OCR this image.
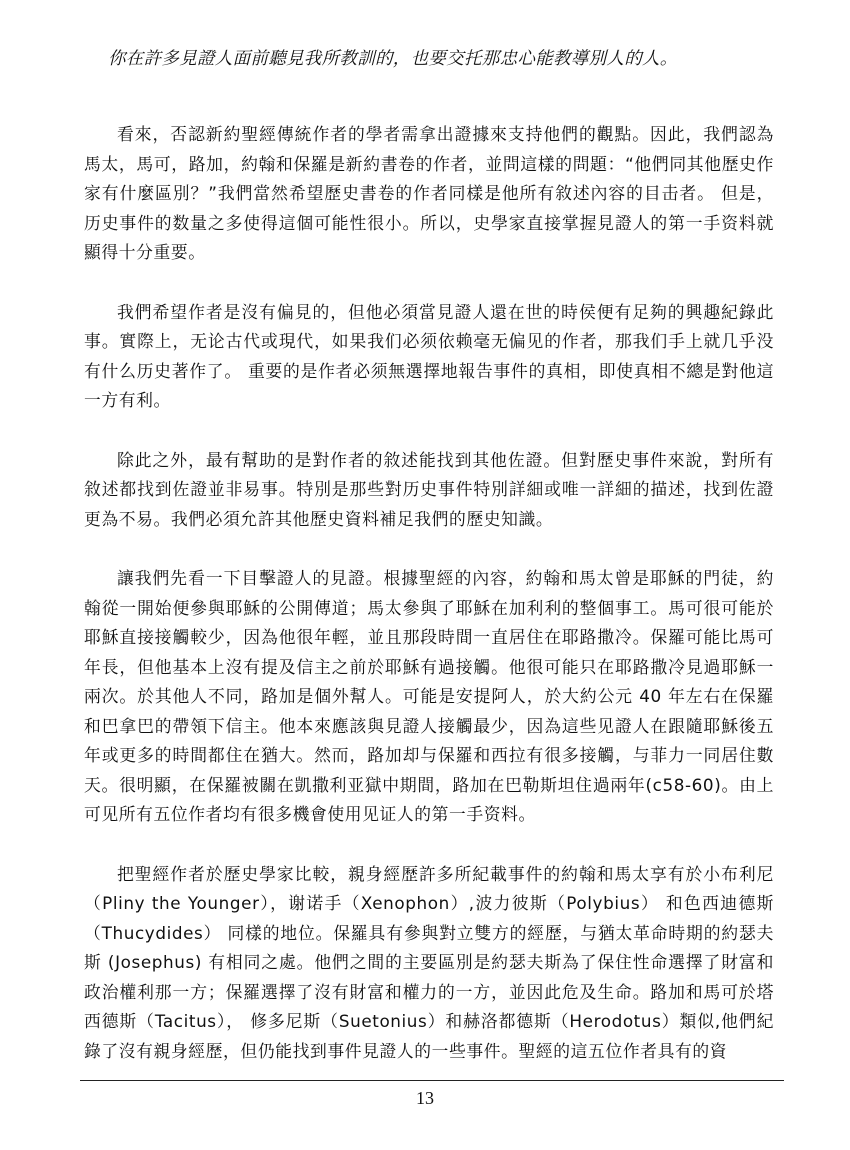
你在許多見證人面前聽見我所教訓的，也要交托那忠心能教導別人的人。

看來，否認新約聖經傳統作者的學者需拿出證據來支持他們的觀點。因此，我們認為馬太，馬可，路加，約翰和保羅是新約書卷的作者，並問這樣的問題：“他們同其他歷史作家有什麼區別？”我們當然希望歷史書卷的作者同樣是他所有敘述內容的目击者。 但是，历史事件的数量之多使得這個可能性很小。所以，史學家直接掌握見證人的第一手资料就顯得十分重要。

我們希望作者是沒有偏見的，但他必須當見證人還在世的時侯便有足夠的興趣紀錄此事。實際上，无论古代或現代，如果我们必须依赖毫无偏见的作者，那我们手上就几乎没有什么历史著作了。 重要的是作者必须無選擇地報告事件的真相，即使真相不總是對他這一方有利。

除此之外，最有幫助的是對作者的敘述能找到其他佐證。但對歷史事件來說，對所有敘述都找到佐證並非易事。特別是那些對历史事件特別詳細或唯一詳細的描述，找到佐證更為不易。我們必須允許其他歷史資料補足我們的歷史知識。

讓我們先看一下目擊證人的見證。根據聖經的內容，約翰和馬太曾是耶穌的門徒，約翰從一開始便參與耶穌的公開傳道；馬太參與了耶穌在加利利的整個事工。馬可很可能於耶穌直接接觸較少，因為他很年輕，並且那段時間一直居住在耶路撒冷。保羅可能比馬可年長，但他基本上沒有提及信主之前於耶穌有過接觸。他很可能只在耶路撒冷見過耶穌一兩次。於其他人不同，路加是個外幫人。可能是安提阿人，於大約公元 40 年左右在保羅和巴拿巴的帶領下信主。他本來應該與見證人接觸最少，因為這些见證人在跟隨耶穌後五年或更多的時間都住在猶大。然而，路加却与保羅和西拉有很多接觸，与菲力一同居住數天。很明顯，在保羅被關在凱撒利亚獄中期間，路加在巴勒斯坦住過兩年(c58-60)。由上可见所有五位作者均有很多機會使用见证人的第一手资料。

把聖經作者於歷史學家比較，親身經歷許多所紀載事件的約翰和馬太享有於小布利尼（Pliny the Younger），谢诺手（Xenophon）,波力彼斯（Polybius） 和色西迪德斯（Thucydides） 同樣的地位。保羅具有參與對立雙方的經歷，与猶太革命時期的約瑟夫斯 (Josephus) 有相同之處。他們之間的主要區別是約瑟夫斯為了保住性命選擇了財富和政治權利那一方；保羅選擇了沒有財富和權力的一方，並因此危及生命。路加和馬可於塔西德斯（Tacitus）， 修多尼斯（Suetonius）和赫洛都德斯（Herodotus）類似,他們紀錄了沒有親身經歷，但仍能找到事件見證人的一些事件。聖經的這五位作者具有的資

13
